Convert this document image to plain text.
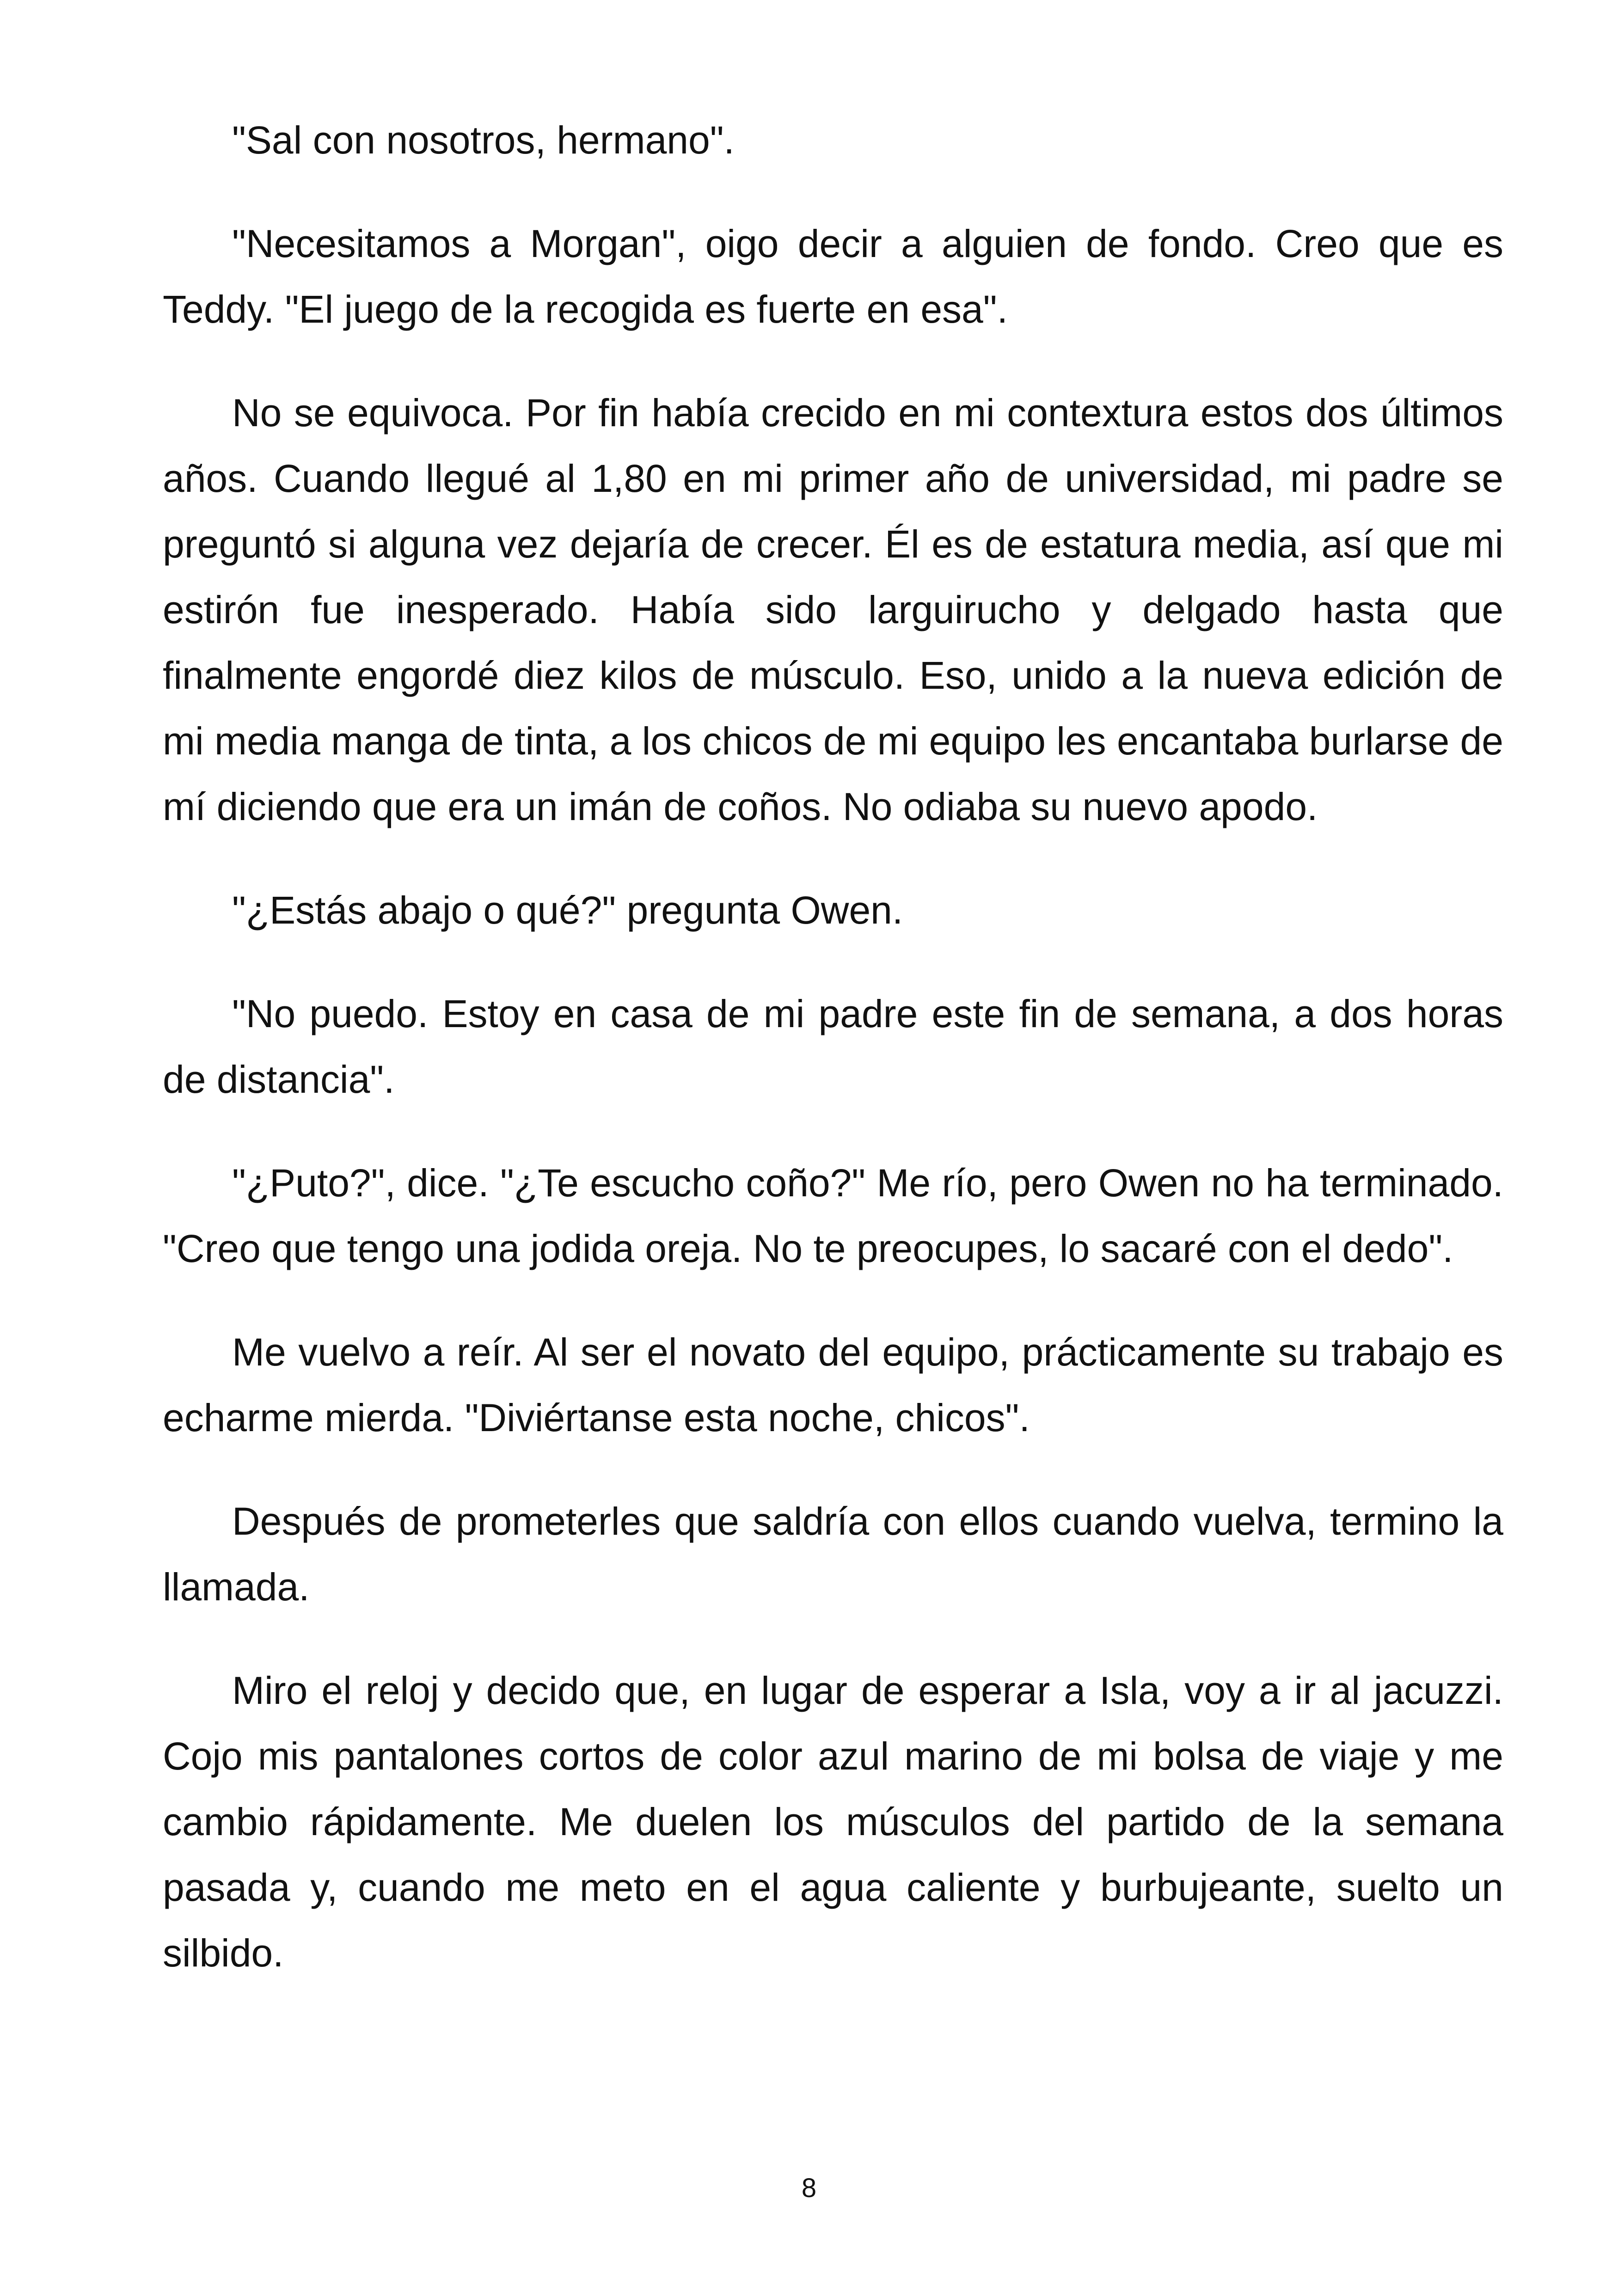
"Sal con nosotros, hermano".

"Necesitamos a Morgan", oigo decir a alguien de fondo. Creo que es Teddy. "El juego de la recogida es fuerte en esa".

No se equivoca. Por fin había crecido en mi contextura estos dos últimos años. Cuando llegué al 1,80 en mi primer año de universidad, mi padre se preguntó si alguna vez dejaría de crecer. Él es de estatura media, así que mi estirón fue inesperado. Había sido larguirucho y delgado hasta que finalmente engordé diez kilos de músculo. Eso, unido a la nueva edición de mi media manga de tinta, a los chicos de mi equipo les encantaba burlarse de mí diciendo que era un imán de coños. No odiaba su nuevo apodo.

"¿Estás abajo o qué?" pregunta Owen.

"No puedo. Estoy en casa de mi padre este fin de semana, a dos horas de distancia".

"¿Puto?", dice. "¿Te escucho coño?" Me río, pero Owen no ha terminado. "Creo que tengo una jodida oreja. No te preocupes, lo sacaré con el dedo".

Me vuelvo a reír. Al ser el novato del equipo, prácticamente su trabajo es echarme mierda. "Diviértanse esta noche, chicos".

Después de prometerles que saldría con ellos cuando vuelva, termino la llamada.

Miro el reloj y decido que, en lugar de esperar a Isla, voy a ir al jacuzzi. Cojo mis pantalones cortos de color azul marino de mi bolsa de viaje y me cambio rápidamente. Me duelen los músculos del partido de la semana pasada y, cuando me meto en el agua caliente y burbujeante, suelto un silbido.

8
